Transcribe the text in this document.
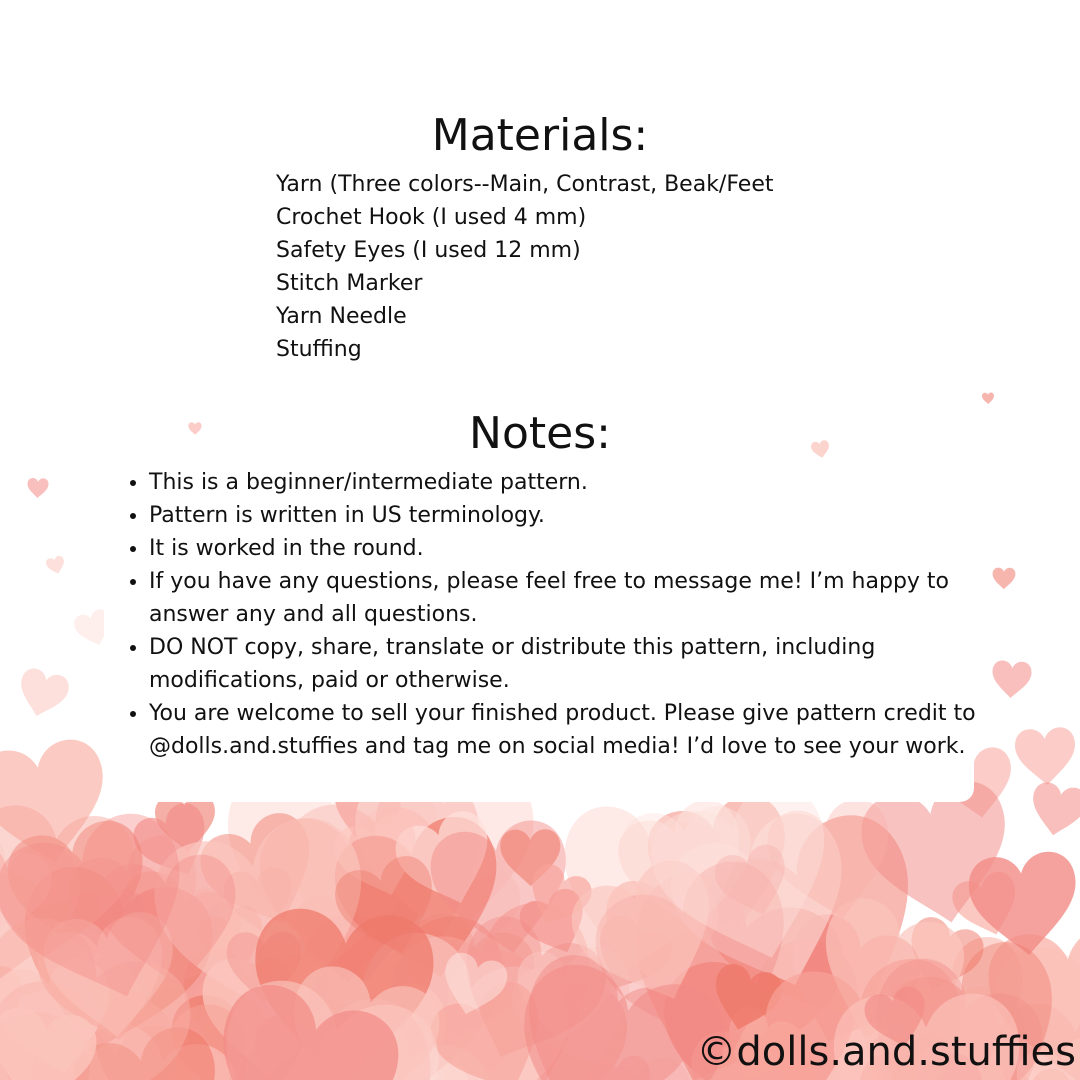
Materials:
Yarn (Three colors--Main, Contrast, Beak/Feet
Crochet Hook (I used 4 mm)
Safety Eyes (I used 12 mm)
Stitch Marker
Yarn Needle
Stuffing
Notes:
• This is a beginner/intermediate pattern.
• Pattern is written in US terminology.
• It is worked in the round.
• If you have any questions, please feel free to message me! I’m happy to answer any and all questions.
• DO NOT copy, share, translate or distribute this pattern, including modifications, paid or otherwise.
• You are welcome to sell your finished product. Please give pattern credit to @dolls.and.stuffies and tag me on social media! I’d love to see your work.
©dolls.and.stuffies
